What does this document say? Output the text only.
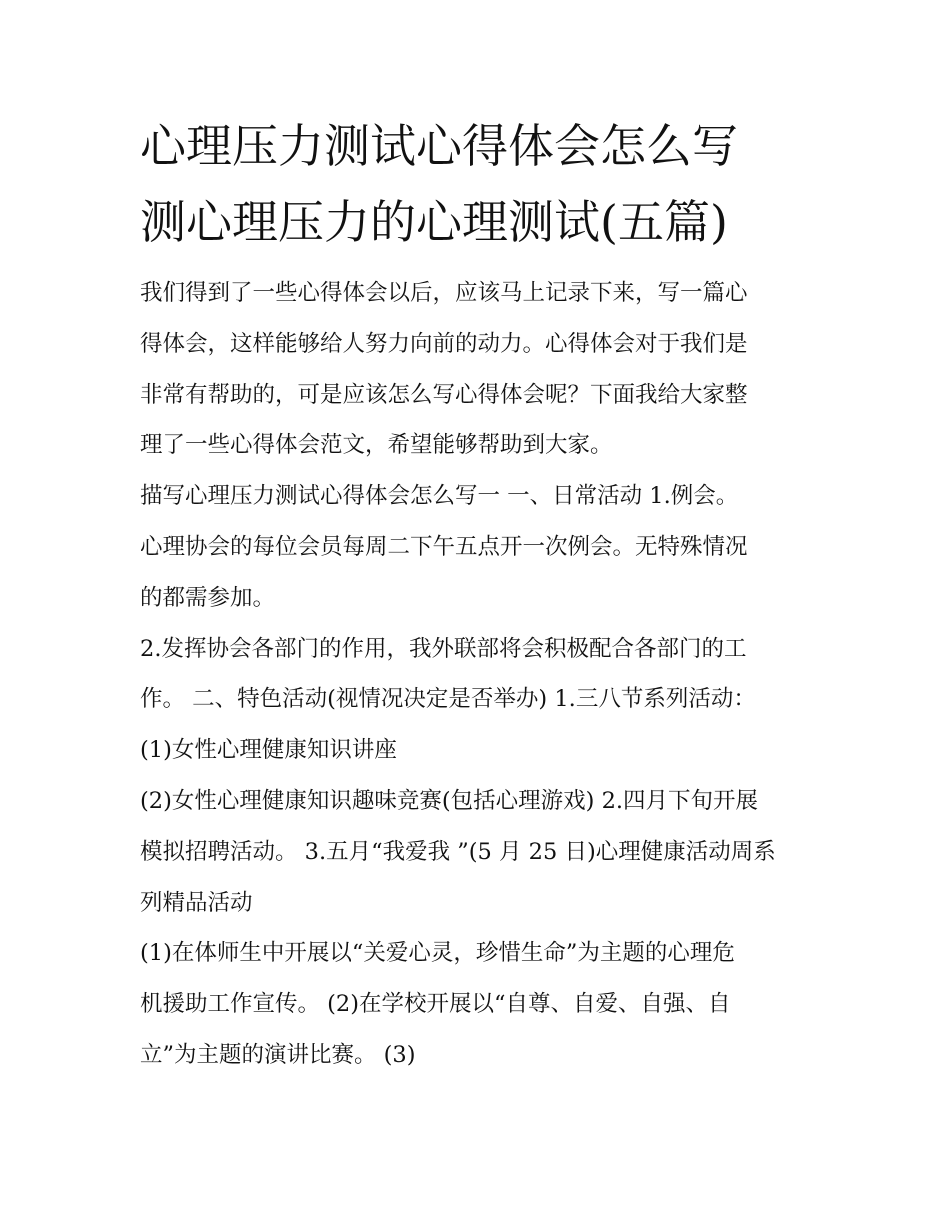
心理压力测试心得体会怎么写
测心理压力的心理测试(五篇)
我们得到了一些心得体会以后，应该马上记录下来，写一篇心
得体会，这样能够给人努力向前的动力。心得体会对于我们是
非常有帮助的，可是应该怎么写心得体会呢？下面我给大家整
理了一些心得体会范文，希望能够帮助到大家。
描写心理压力测试心得体会怎么写一 一、日常活动 1.例会。
心理协会的每位会员每周二下午五点开一次例会。无特殊情况
的都需参加。
2.发挥协会各部门的作用，我外联部将会积极配合各部门的工
作。 二、特色活动(视情况决定是否举办) 1.三八节系列活动：
(1)女性心理健康知识讲座
(2)女性心理健康知识趣味竞赛(包括心理游戏) 2.四月下旬开展
模拟招聘活动。 3.五月“我爱我 ”(5 月 25 日)心理健康活动周系
列精品活动
(1)在体师生中开展以“关爱心灵，珍惜生命”为主题的心理危
机援助工作宣传。 (2)在学校开展以“自尊、自爱、自强、自
立”为主题的演讲比赛。 (3)
